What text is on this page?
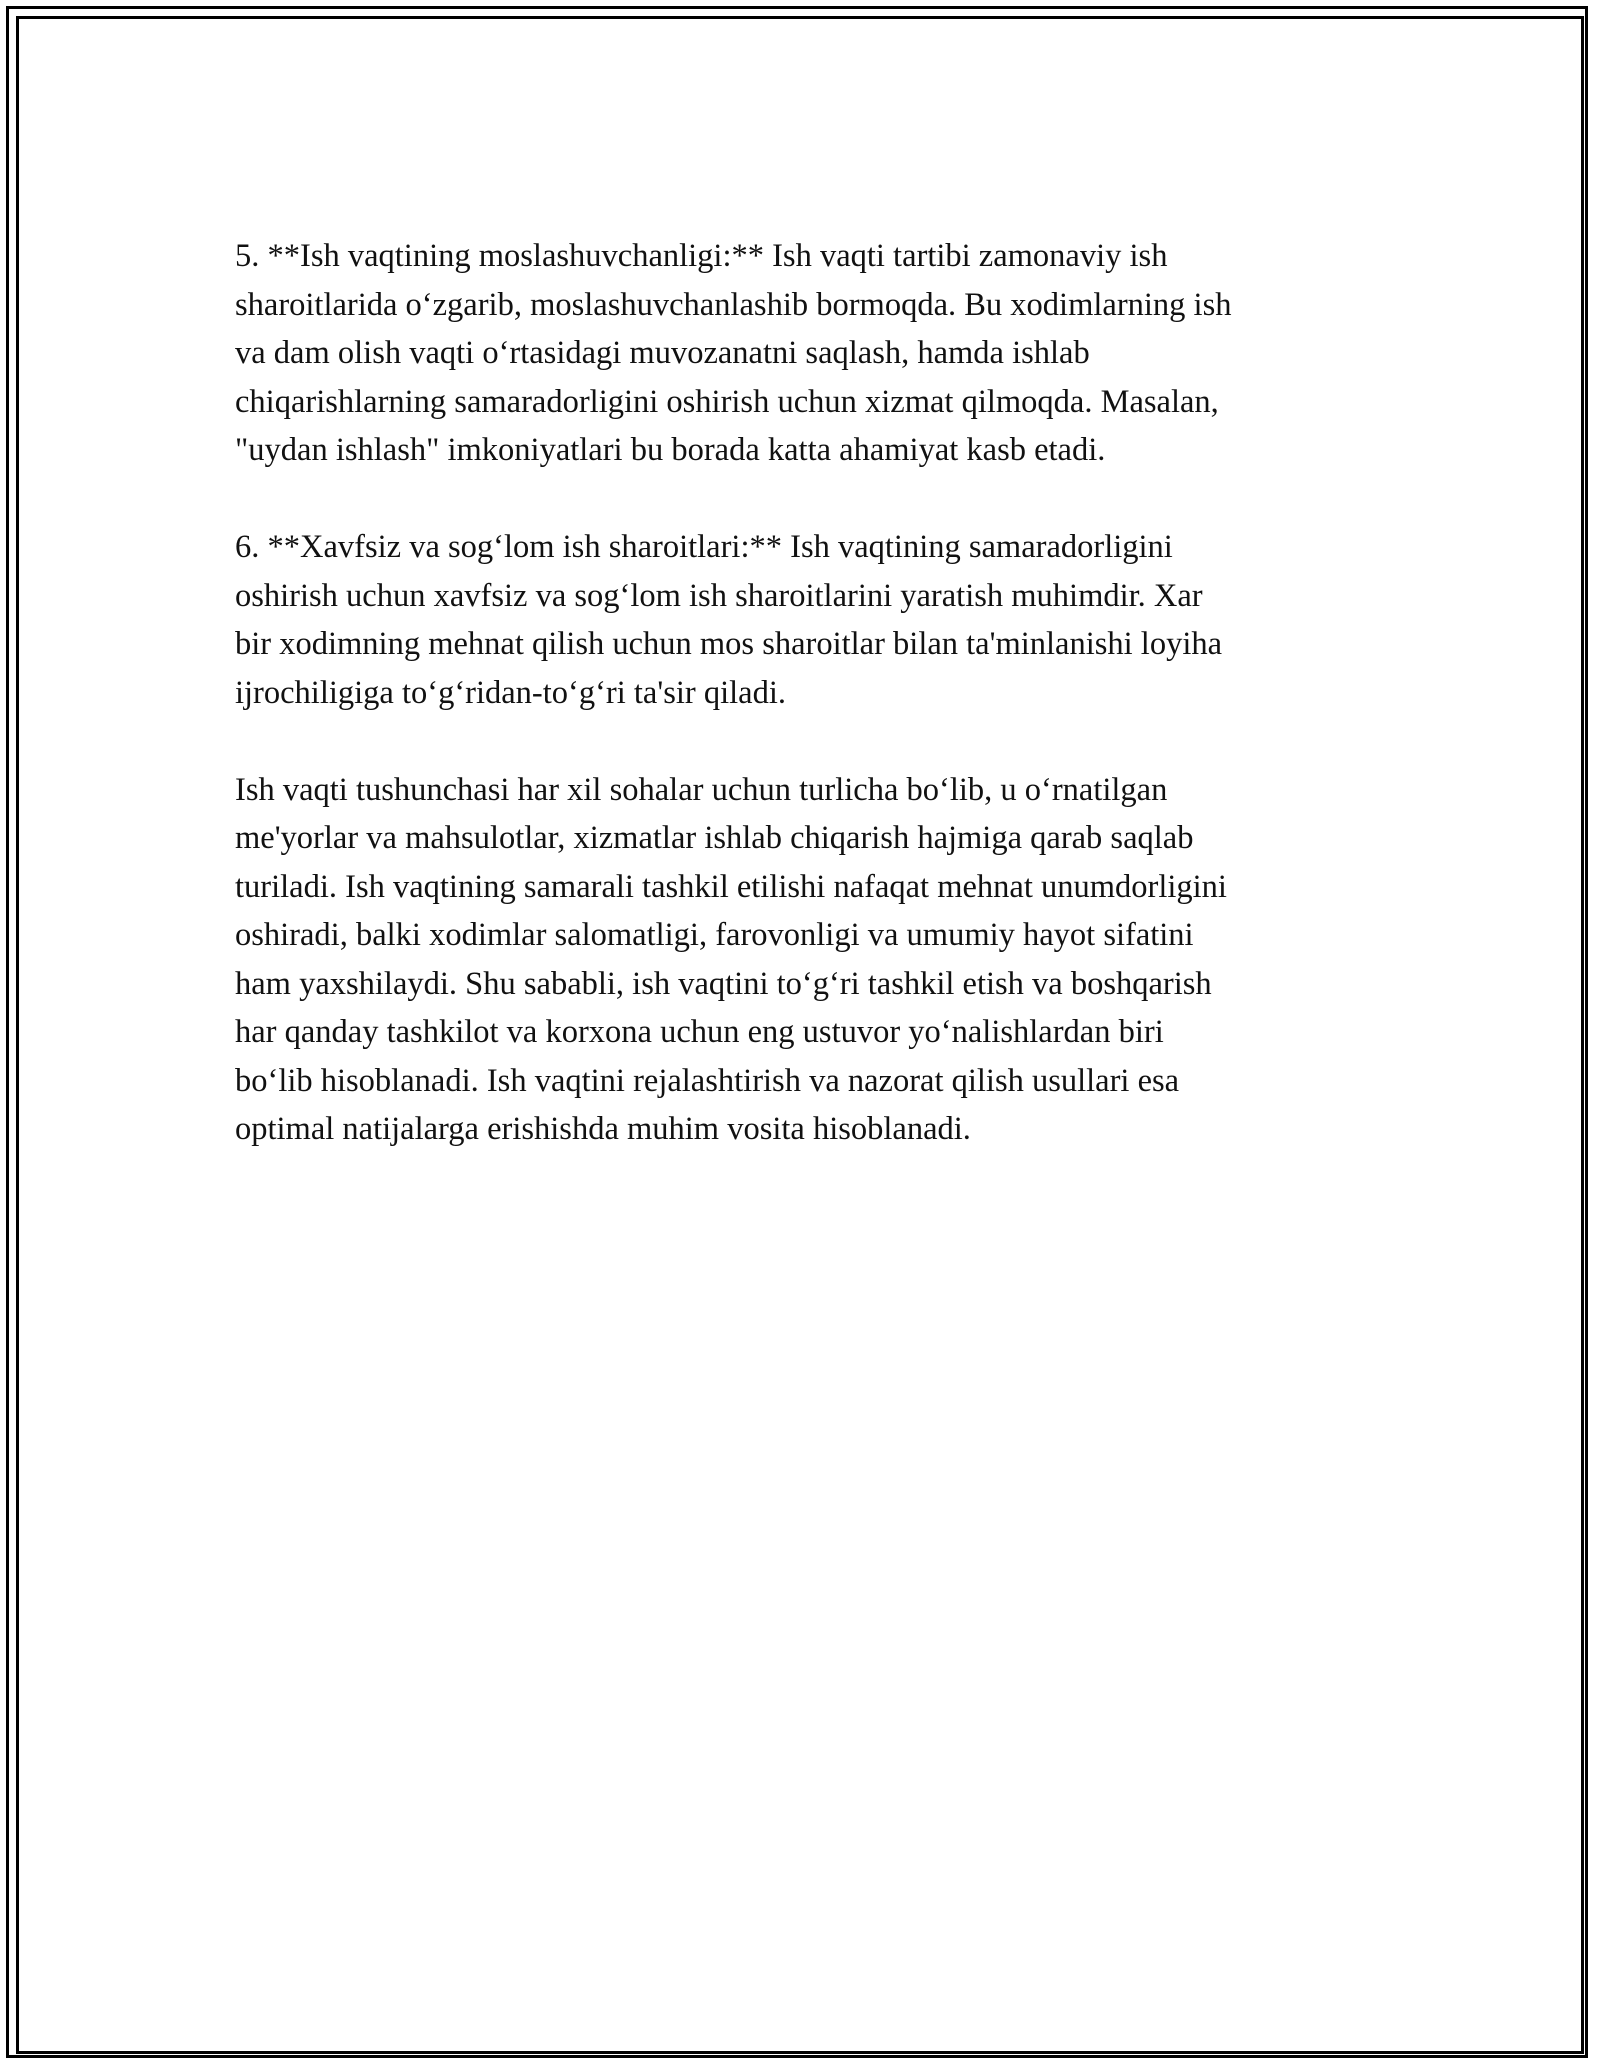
5. **Ish vaqtining moslashuvchanligi:** Ish vaqti tartibi zamonaviy ish
sharoitlarida o‘zgarib, moslashuvchanlashib bormoqda. Bu xodimlarning ish
va dam olish vaqti o‘rtasidagi muvozanatni saqlash, hamda ishlab
chiqarishlarning samaradorligini oshirish uchun xizmat qilmoqda. Masalan,
"uydan ishlash" imkoniyatlari bu borada katta ahamiyat kasb etadi.

6. **Xavfsiz va sog‘lom ish sharoitlari:** Ish vaqtining samaradorligini
oshirish uchun xavfsiz va sog‘lom ish sharoitlarini yaratish muhimdir. Xar
bir xodimning mehnat qilish uchun mos sharoitlar bilan ta'minlanishi loyiha
ijrochiligiga to‘g‘ridan-to‘g‘ri ta'sir qiladi.

Ish vaqti tushunchasi har xil sohalar uchun turlicha bo‘lib, u o‘rnatilgan
me'yorlar va mahsulotlar, xizmatlar ishlab chiqarish hajmiga qarab saqlab
turiladi. Ish vaqtining samarali tashkil etilishi nafaqat mehnat unumdorligini
oshiradi, balki xodimlar salomatligi, farovonligi va umumiy hayot sifatini
ham yaxshilaydi. Shu sababli, ish vaqtini to‘g‘ri tashkil etish va boshqarish
har qanday tashkilot va korxona uchun eng ustuvor yo‘nalishlardan biri
bo‘lib hisoblanadi. Ish vaqtini rejalashtirish va nazorat qilish usullari esa
optimal natijalarga erishishda muhim vosita hisoblanadi.
